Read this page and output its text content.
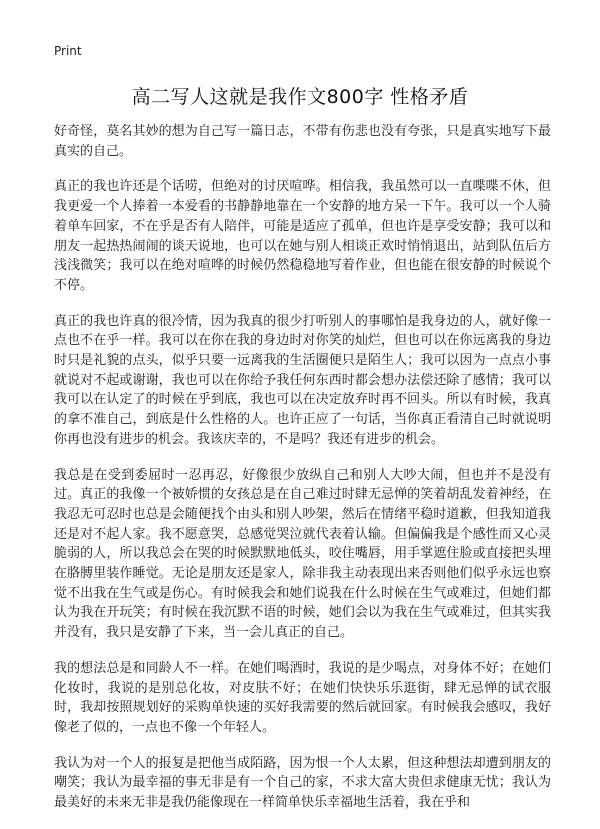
Print
高二写人这就是我作文800字 性格矛盾

好奇怪，莫名其妙的想为自己写一篇日志，不带有伤悲也没有夸张，只是真实地写下最真实的自己。

真正的我也许还是个话唠，但绝对的讨厌喧哗。相信我，我虽然可以一直喋喋不休，但我更爱一个人捧着一本爱看的书静静地靠在一个安静的地方呆一下午。我可以一个人骑着单车回家，不在乎是否有人陪伴，可能是适应了孤单，但也许是享受安静；我可以和朋友一起热热闹闹的谈天说地，也可以在她与别人相谈正欢时悄悄退出，站到队伍后方浅浅微笑；我可以在绝对喧哗的时候仍然稳稳地写着作业，但也能在很安静的时候说个不停。

真正的我也许真的很冷情，因为我真的很少打听别人的事哪怕是我身边的人，就好像一点也不在乎一样。我可以在你在我的身边时对你笑的灿烂，但也可以在你远离我的身边时只是礼貌的点头，似乎只要一远离我的生活圈便只是陌生人；我可以因为一点点小事就说对不起或谢谢，我也可以在你给予我任何东西时都会想办法偿还除了感情；我可以我可以在认定了的时候在乎到底，我也可以在决定放弃时再不回头。所以有时候，我真的拿不准自己，到底是什么性格的人。也许正应了一句话，当你真正看清自己时就说明你再也没有进步的机会。我该庆幸的，不是吗？我还有进步的机会。

我总是在受到委屈时一忍再忍，好像很少放纵自己和别人大吵大闹，但也并不是没有过。真正的我像一个被娇惯的女孩总是在自己难过时肆无忌惮的笑着胡乱发着神经，在我忍无可忍时也总是会随便找个由头和别人吵架，然后在情绪平稳时道歉，但我知道我还是对不起人家。我不愿意哭，总感觉哭泣就代表着认输。但偏偏我是个感性而又心灵脆弱的人，所以我总会在哭的时候默默地低头，咬住嘴唇，用手掌遮住脸或直接把头埋在胳膊里装作睡觉。无论是朋友还是家人，除非我主动表现出来否则他们似乎永远也察觉不出我在生气或是伤心。有时候我会和她们说我在什么时候在生气或难过，但她们都认为我在开玩笑；有时候在我沉默不语的时候，她们会以为我在生气或难过，但其实我并没有，我只是安静了下来，当一会儿真正的自己。

我的想法总是和同龄人不一样。在她们喝酒时，我说的是少喝点，对身体不好；在她们化妆时，我说的是别总化妆，对皮肤不好；在她们快快乐乐逛街，肆无忌惮的试衣服时，我却按照规划好的采购单快速的买好我需要的然后就回家。有时候我会感叹，我好像老了似的，一点也不像一个年轻人。

我认为对一个人的报复是把他当成陌路，因为恨一个人太累，但这种想法却遭到朋友的嘲笑；我认为最幸福的事无非是有一个自己的家，不求大富大贵但求健康无忧；我认为最美好的未来无非是我仍能像现在一样简单快乐幸福地生活着，我在乎和
